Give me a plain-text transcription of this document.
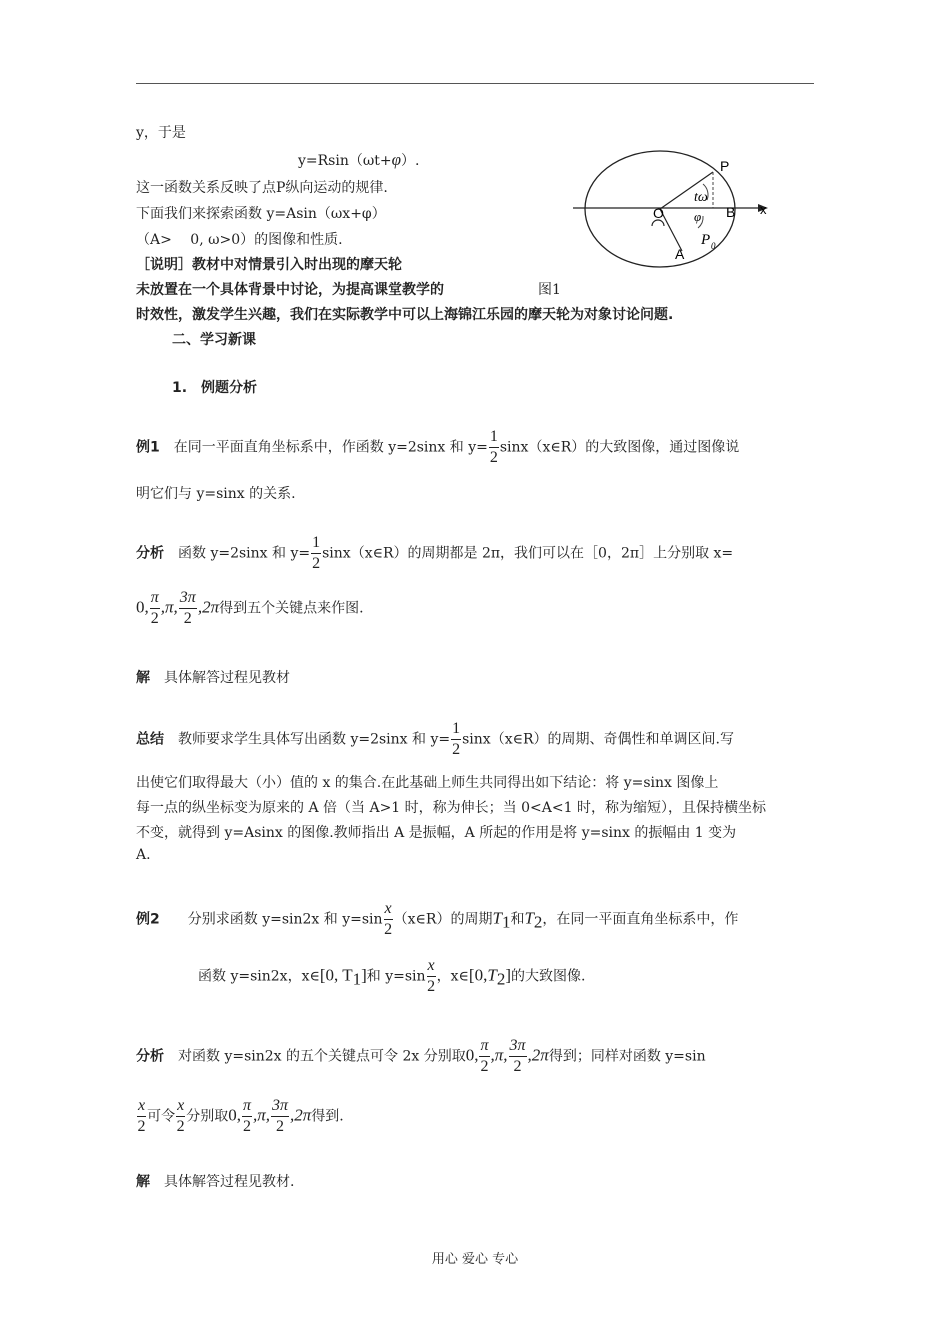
y，于是
y=Rsin（ωt+φ）.
这一函数关系反映了点P纵向运动的规律.
下面我们来探索函数 y=Asin（ωx+φ）
（A>　 0, ω>0）的图像和性质.
［说明］教材中对情景引入时出现的摩天轮
未放置在一个具体背景中讨论，为提高课堂教学的	图1
时效性，激发学生兴趣，我们在实际教学中可以上海锦江乐园的摩天轮为对象讨论问题.
P
O	B x
A
tω
φ
P 0
二、学习新课
1.　例题分析
例1　在同一平面直角坐标系中，作函数 y=2sinx 和 $y= \frac{1}{2}$ sinx（x∈R）的大致图像，通过图像说
明它们与 y=sinx 的关系.
分析　函数 y=2sinx 和 $y= \frac{1}{2}$ sinx（x∈R）的周期都是 2π，我们可以在［0，2π］上分别取 x=
0, $\frac{\pi}{2} ,\pi$, $\frac{3\pi}{2} ,2\pi$得到五个关键点来作图.
解　具体解答过程见教材
总结　教师要求学生具体写出函数 y=2sinx 和 $y= \frac{1}{2}$ sinx（x∈R）的周期、奇偶性和单调区间.写
出使它们取得最大（小）值的 x 的集合.在此基础上师生共同得出如下结论：将 y=sinx 图像上
每一点的纵坐标变为原来的 A 倍（当 A>1 时，称为伸长；当 0<A<1 时，称为缩短），且保持横坐标
不变，就得到 y=Asinx 的图像.教师指出 A 是振幅，A 所起的作用是将 y=sinx 的振幅由 1 变为
A.
例2　　分别求函数 y=sin2x 和 $y=\sin \frac{x}{2}$ （x∈R）的周期$T_1$和$T_2$，在同一平面直角坐标系中，作
函数 y=sin2x，x∈[0, $T_1$]和 $y=\sin \frac{x}{2}$ ，$x\in[0,T_2]$的大致图像.
分析　对函数 y=sin2x 的五个关键点可令 2x 分别取0, $\frac{\pi}{2} ,\pi$, $\frac{3\pi}{2} ,2\pi$得到；同样对函数 y=sin
$\frac{x}{2}$ 可令 $\frac{x}{2}$ 分别取0, $\frac{\pi}{2} ,\pi$, $\frac{3\pi}{2} ,2\pi$得到.
解　具体解答过程见教材.
用心 爱心 专心
